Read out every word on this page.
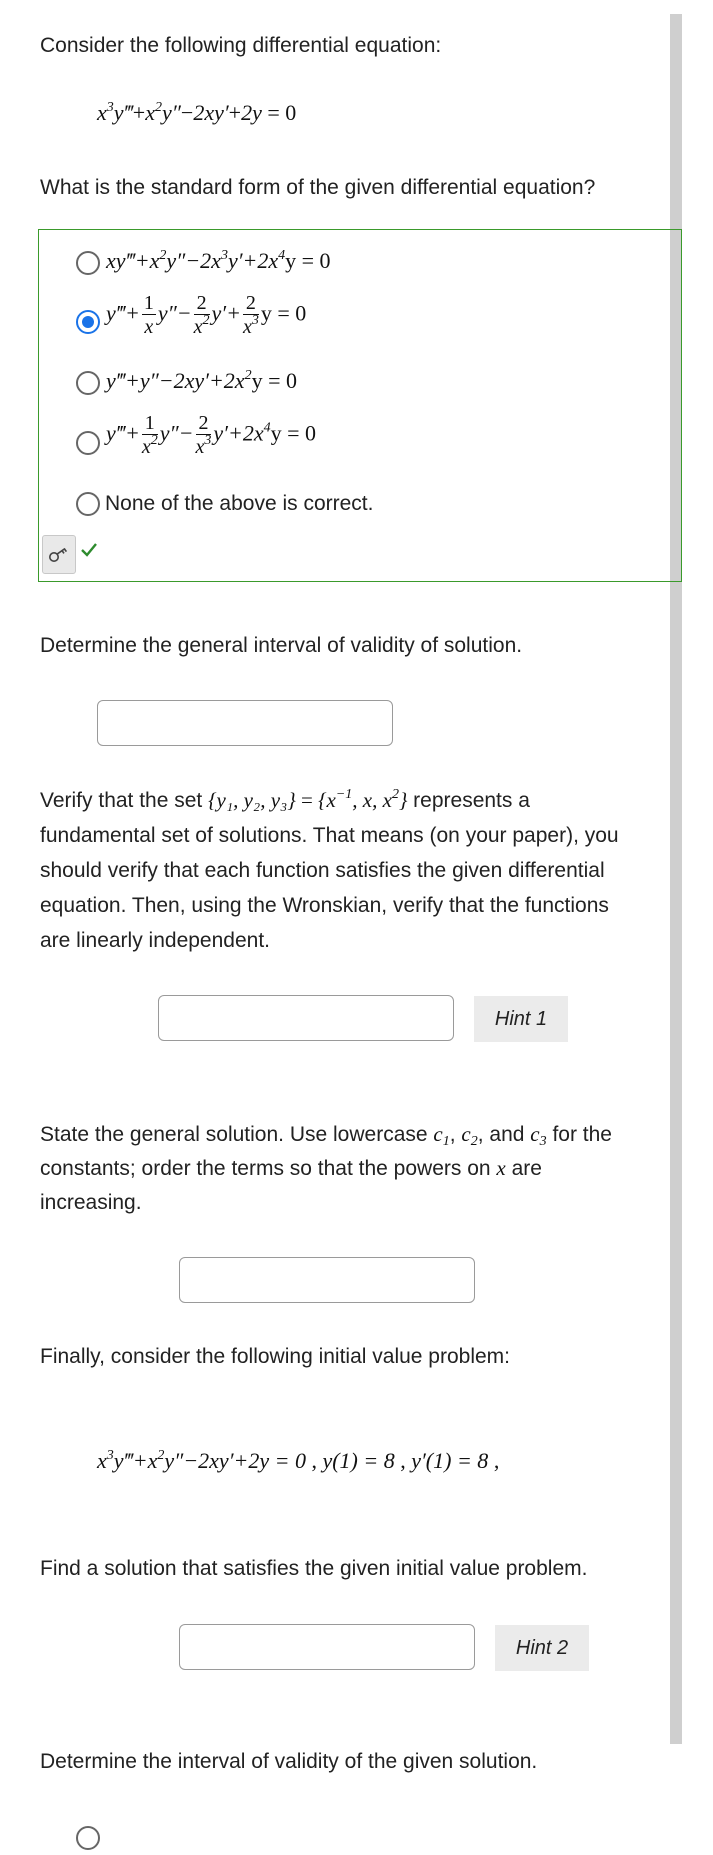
Consider the following differential equation:
$x^3y‴+x^2y''-2xy'+2y = 0$
What is the standard form of the given differential equation?
$xy‴+x^2y''-2x^3y'+2x^4y = 0$
y‴+ $\frac{1}{x} y''- \frac{2}{x^2} y'+ \frac{2}{x^3}$ y = 0
$y‴+y''-2xy'+2x^2y = 0$
y‴+ $\frac{1}{x^2} y''- \frac{2}{x^3} y'+2x^4y = 0$
None of the above is correct.
Determine the general interval of validity of solution.
Verify that the set {y₁, y₂, $y_3\} = \{x^{-1}$, x, $x^2$} represents a
fundamental set of solutions. That means (on your paper), you
should verify that each function satisfies the given differential
equation. Then, using the Wronskian, verify that the functions
are linearly independent.
Hint 1
State the general solution. Use lowercase $c_1$, $c_2$, and $c_3$ for the
constants; order the terms so that the powers on x are
increasing.
Finally, consider the following initial value problem:
$x^3y‴+x^2y''-2xy'+2y = 0$ , y(1) = 8 , y′(1) = 8 ,
Find a solution that satisfies the given initial value problem.
Hint 2
Determine the interval of validity of the given solution.
